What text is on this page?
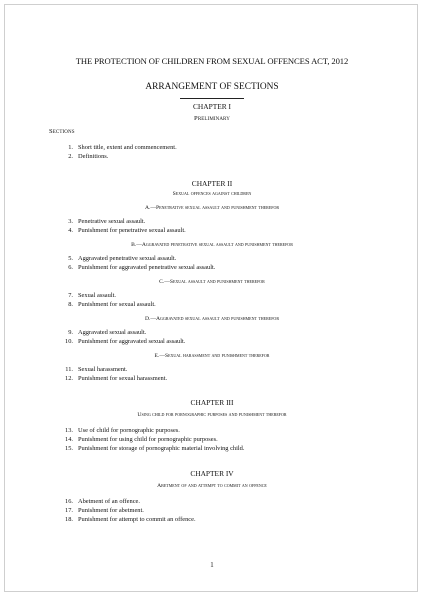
THE PROTECTION OF CHILDREN FROM SEXUAL OFFENCES ACT, 2012
ARRANGEMENT OF SECTIONS
CHAPTER I
Preliminary
Sections
1. Short title, extent and commencement.
2. Definitions.
CHAPTER II
Sexual offences against children
A.—Penetrative sexual assault and punishment therefor
3. Penetrative sexual assault.
4. Punishment for penetrative sexual assault.
B.—Aggravated penetrative sexual assault and punishment therefor
5. Aggravated penetrative sexual assault.
6. Punishment for aggravated penetrative sexual assault.
C.—Sexual assault and punishment therefor
7. Sexual assault.
8. Punishment for sexual assault.
D.—Aggravated sexual assault and punishment therefor
9. Aggravated sexual assault.
10. Punishment for aggravated sexual assault.
E.—Sexual harassment and punishment therefor
11. Sexual harassment.
12. Punishment for sexual harassment.
CHAPTER III
Using child for pornographic purposes and punishment therefor
13. Use of child for pornographic purposes.
14. Punishment for using child for pornographic purposes.
15. Punishment for storage of pornographic material involving child.
CHAPTER IV
Abetment of and attempt to commit an offence
16. Abetment of an offence.
17. Punishment for abetment.
18. Punishment for attempt to commit an offence.
1
